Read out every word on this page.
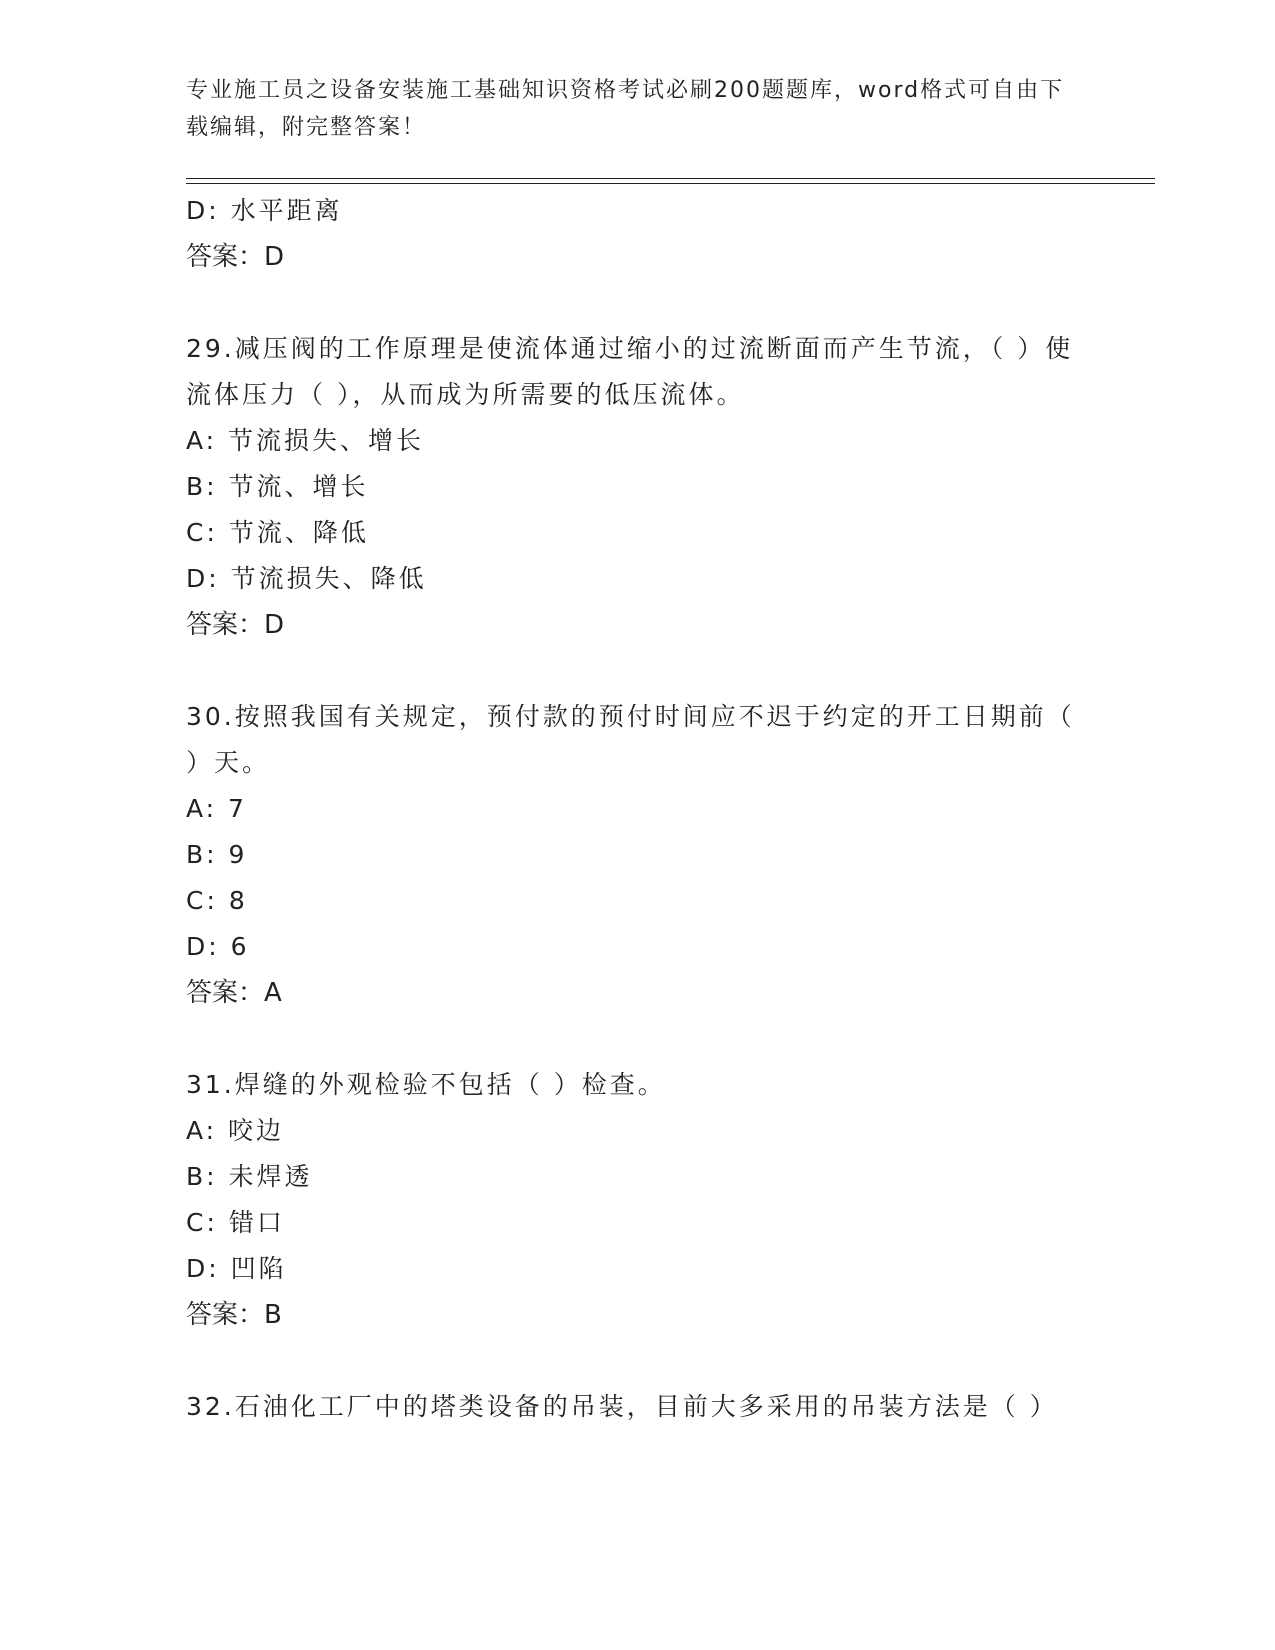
专业施工员之设备安装施工基础知识资格考试必刷200题题库，word格式可自由下载编辑，附完整答案！
D: 水平距离
答案：D
29.减压阀的工作原理是使流体通过缩小的过流断面而产生节流，（ ）使流体压力（ ），从而成为所需要的低压流体。
A: 节流损失、增长
B: 节流、增长
C: 节流、降低
D: 节流损失、降低
答案：D
30.按照我国有关规定，预付款的预付时间应不迟于约定的开工日期前（ ）天。
A: 7
B: 9
C: 8
D: 6
答案：A
31.焊缝的外观检验不包括（ ）检查。
A: 咬边
B: 未焊透
C: 错口
D: 凹陷
答案：B
32.石油化工厂中的塔类设备的吊装，目前大多采用的吊装方法是（ ）
